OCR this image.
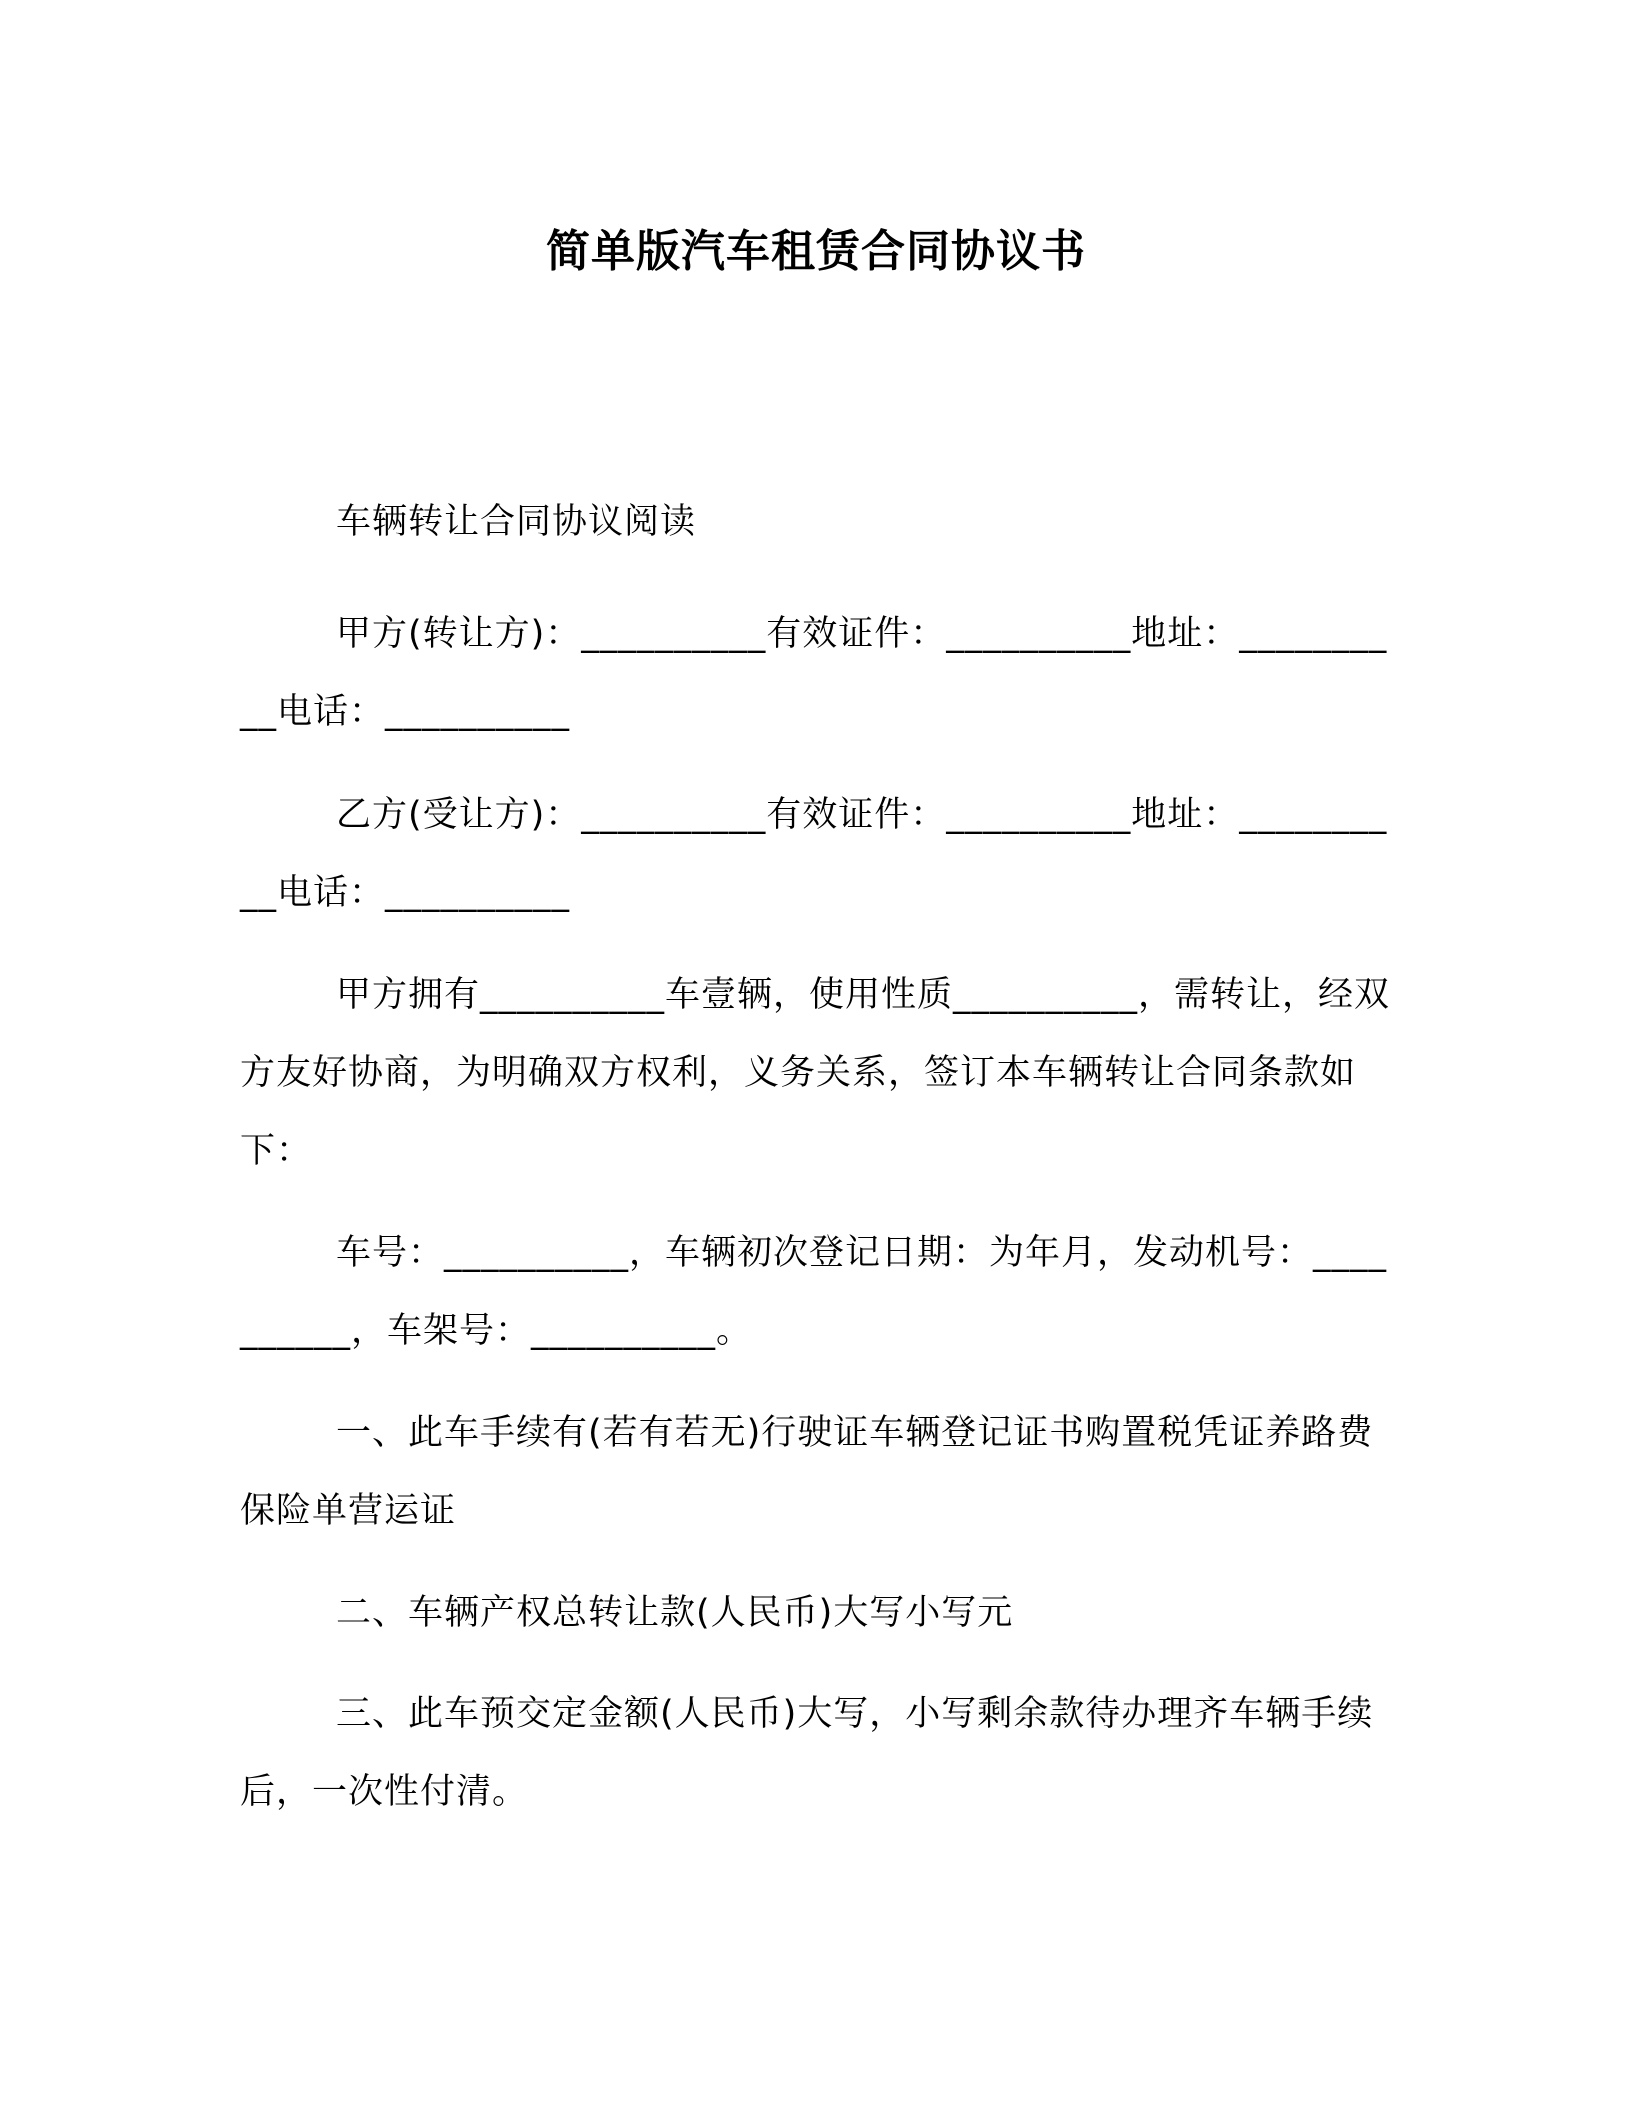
简单版汽车租赁合同协议书

车辆转让合同协议阅读

甲方(转让方)：__________有效证件：__________地址：__________电话：__________

乙方(受让方)：__________有效证件：__________地址：__________电话：__________

甲方拥有__________车壹辆，使用性质__________，需转让，经双方友好协商，为明确双方权利，义务关系，签订本车辆转让合同条款如下：

车号：__________，车辆初次登记日期：为年月，发动机号：__________，车架号：__________。

一、此车手续有(若有若无)行驶证车辆登记证书购置税凭证养路费保险单营运证

二、车辆产权总转让款(人民币)大写小写元

三、此车预交定金额(人民币)大写，小写剩余款待办理齐车辆手续后，一次性付清。
